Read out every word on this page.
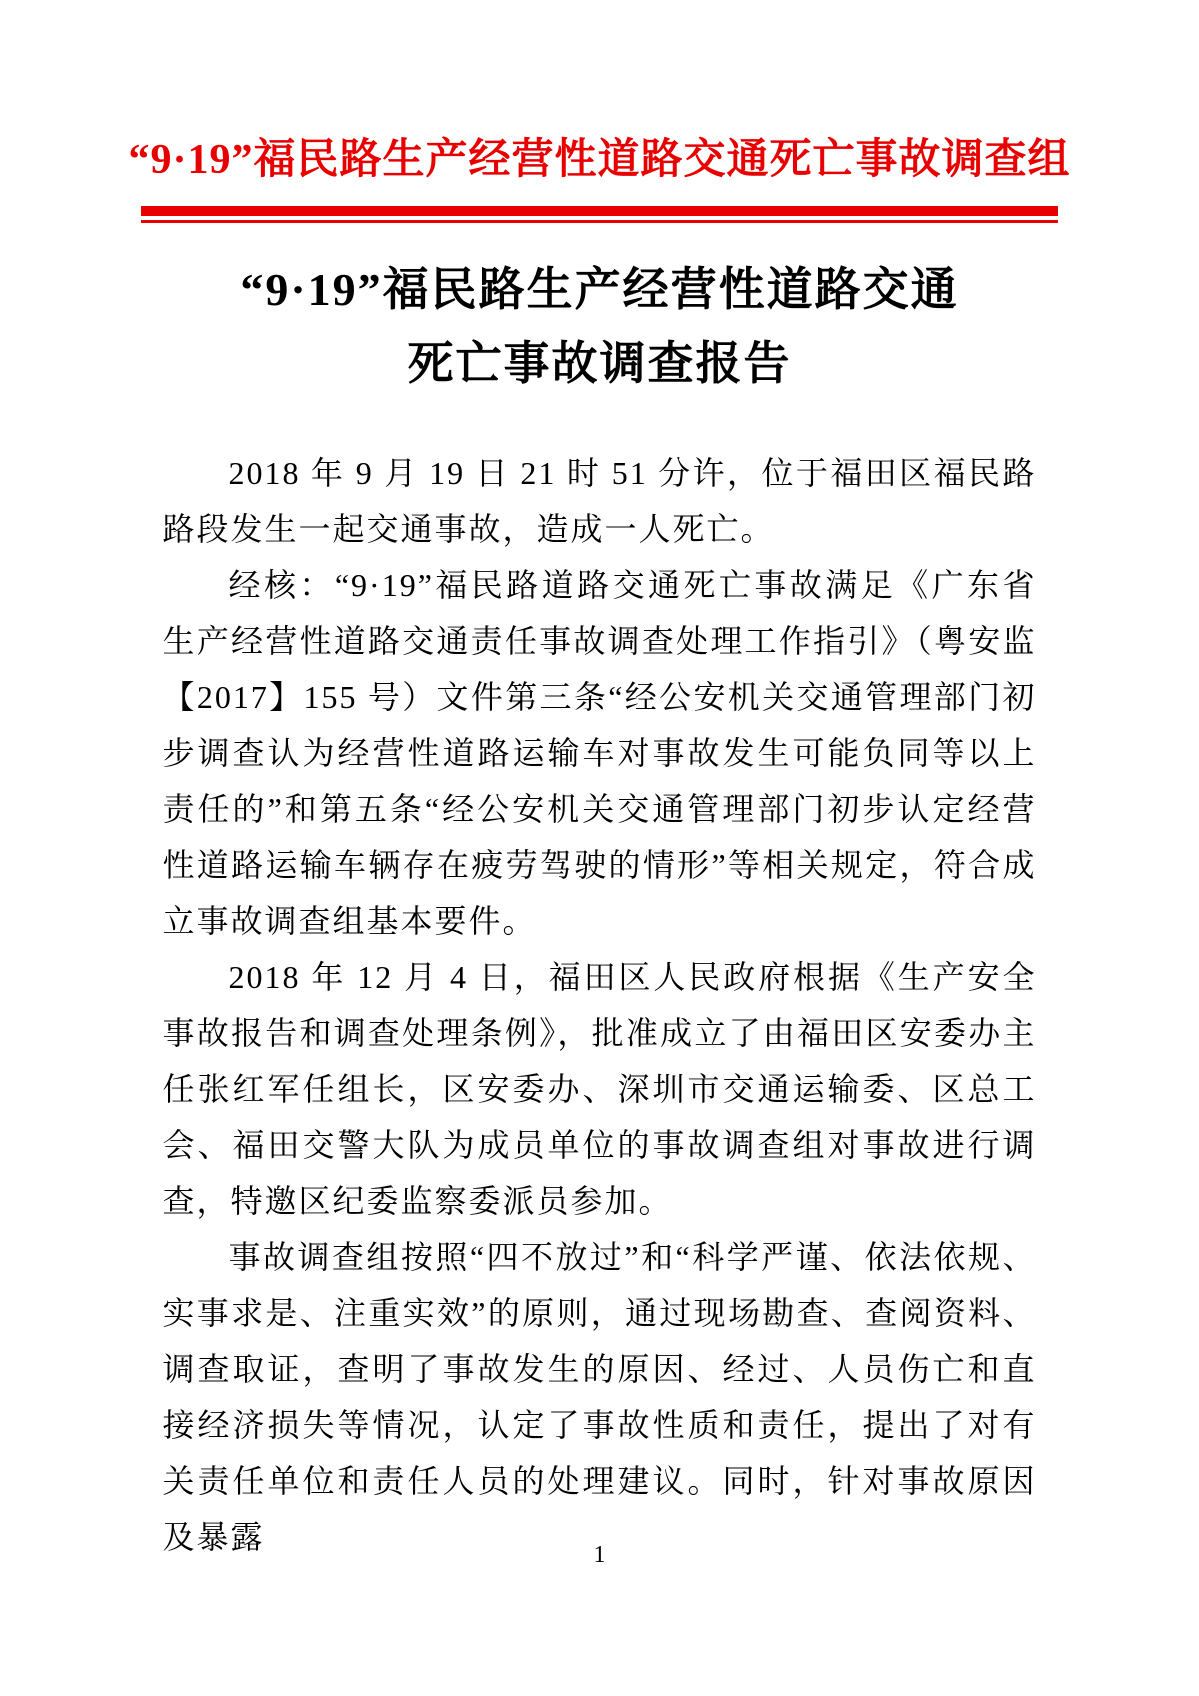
“9·19”福民路生产经营性道路交通死亡事故调查组
“9·19”福民路生产经营性道路交通
死亡事故调查报告

2018 年 9 月 19 日 21 时 51 分许，位于福田区福民路路段发生一起交通事故，造成一人死亡。

经核：“9·19”福民路道路交通死亡事故满足《广东省生产经营性道路交通责任事故调查处理工作指引》（粤安监【2017】155 号）文件第三条“经公安机关交通管理部门初步调查认为经营性道路运输车对事故发生可能负同等以上责任的”和第五条“经公安机关交通管理部门初步认定经营性道路运输车辆存在疲劳驾驶的情形”等相关规定，符合成立事故调查组基本要件。

2018 年 12 月 4 日，福田区人民政府根据《生产安全事故报告和调查处理条例》，批准成立了由福田区安委办主任张红军任组长，区安委办、深圳市交通运输委、区总工会、福田交警大队为成员单位的事故调查组对事故进行调查，特邀区纪委监察委派员参加。

事故调查组按照“四不放过”和“科学严谨、依法依规、实事求是、注重实效”的原则，通过现场勘查、查阅资料、调查取证，查明了事故发生的原因、经过、人员伤亡和直接经济损失等情况，认定了事故性质和责任，提出了对有关责任单位和责任人员的处理建议。同时，针对事故原因及暴露	1
